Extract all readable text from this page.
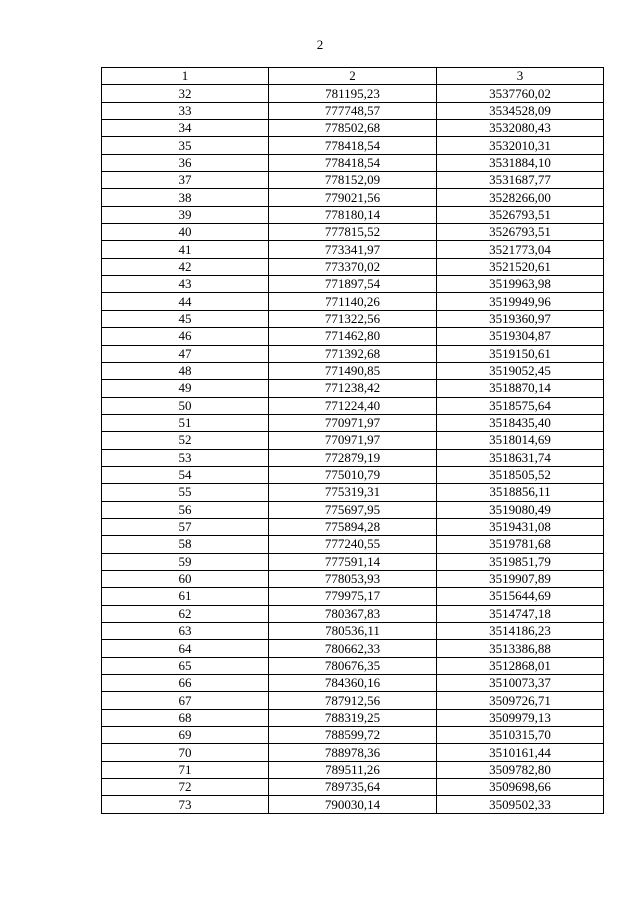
2
1	2	3
32	781195,23	3537760,02
33	777748,57	3534528,09
34	778502,68	3532080,43
35	778418,54	3532010,31
36	778418,54	3531884,10
37	778152,09	3531687,77
38	779021,56	3528266,00
39	778180,14	3526793,51
40	777815,52	3526793,51
41	773341,97	3521773,04
42	773370,02	3521520,61
43	771897,54	3519963,98
44	771140,26	3519949,96
45	771322,56	3519360,97
46	771462,80	3519304,87
47	771392,68	3519150,61
48	771490,85	3519052,45
49	771238,42	3518870,14
50	771224,40	3518575,64
51	770971,97	3518435,40
52	770971,97	3518014,69
53	772879,19	3518631,74
54	775010,79	3518505,52
55	775319,31	3518856,11
56	775697,95	3519080,49
57	775894,28	3519431,08
58	777240,55	3519781,68
59	777591,14	3519851,79
60	778053,93	3519907,89
61	779975,17	3515644,69
62	780367,83	3514747,18
63	780536,11	3514186,23
64	780662,33	3513386,88
65	780676,35	3512868,01
66	784360,16	3510073,37
67	787912,56	3509726,71
68	788319,25	3509979,13
69	788599,72	3510315,70
70	788978,36	3510161,44
71	789511,26	3509782,80
72	789735,64	3509698,66
73	790030,14	3509502,33
